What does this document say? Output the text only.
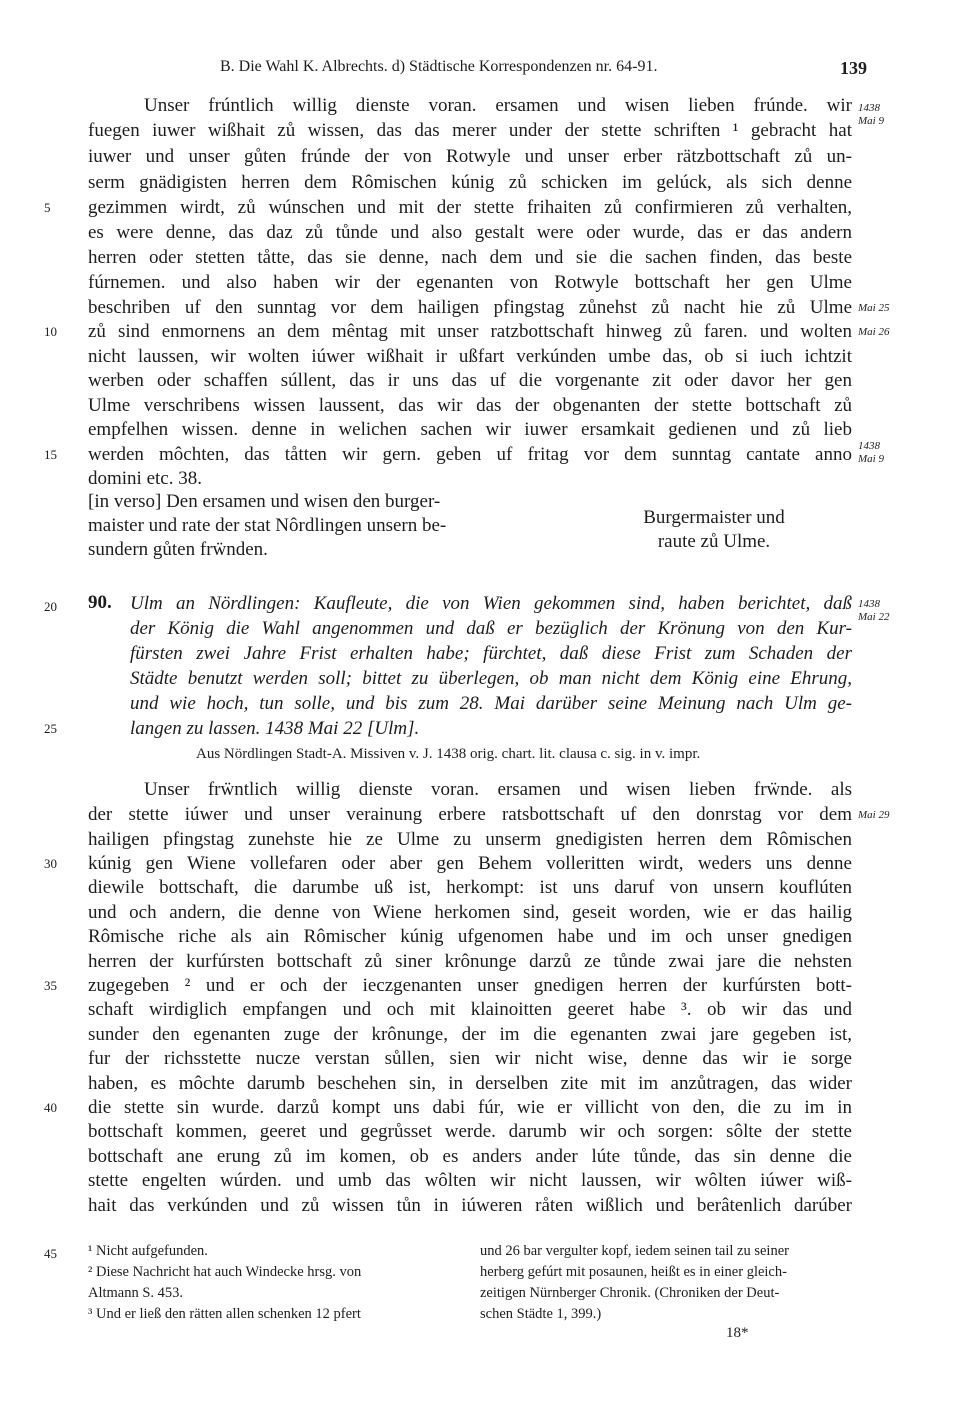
B. Die Wahl K. Albrechts. d) Städtische Korrespondenzen nr. 64-91.	139
Unser frúntlich willig dienste voran. ersamen und wisen lieben frúnde. wir
fuegen iuwer wißhait zů wissen, das das merer under der stette schriften ¹ gebracht hat
iuwer und unser gůten frúnde der von Rotwyle und unser erber rätzbottschaft zů un-
serm gnädigisten herren dem Rômischen kúnig zů schicken im gelúck, als sich denne
gezimmen wirdt, zů wúnschen und mit der stette frihaiten zů confirmieren zů verhalten,
es were denne, das daz zů tůnde und also gestalt were oder wurde, das er das andern
herren oder stetten tåtte, das sie denne, nach dem und sie die sachen finden, das beste
fúrnemen. und also haben wir der egenanten von Rotwyle bottschaft her gen Ulme
beschriben uf den sunntag vor dem hailigen pfingstag zůnehst zů nacht hie zů Ulme
zů sind enmornens an dem mêntag mit unser ratzbottschaft hinweg zů faren. und wolten
nicht laussen, wir wolten iúwer wißhait ir ußfart verkúnden umbe das, ob si iuch ichtzit
werben oder schaffen súllent, das ir uns das uf die vorgenante zit oder davor her gen
Ulme verschribens wissen laussent, das wir das der obgenanten der stette bottschaft zů
empfelhen wissen. denne in welichen sachen wir iuwer ersamkait gedienen und zů lieb
werden môchten, das tåtten wir gern. geben uf fritag vor dem sunntag cantate anno
domini etc. 38.
[in verso] Den ersamen und wisen den burger-
maister und rate der stat Nôrdlingen unsern be-
sundern gůten frẅnden.
Burgermaister und
raute zů Ulme.
90. Ulm an Nördlingen: Kaufleute, die von Wien gekommen sind, haben berichtet, daß
der König die Wahl angenommen und daß er bezüglich der Krönung von den Kur-
fürsten zwei Jahre Frist erhalten habe; fürchtet, daß diese Frist zum Schaden der
Städte benutzt werden soll; bittet zu überlegen, ob man nicht dem König eine Ehrung,
und wie hoch, tun solle, und bis zum 28. Mai darüber seine Meinung nach Ulm ge-
langen zu lassen. 1438 Mai 22 [Ulm].
Aus Nördlingen Stadt-A. Missiven v. J. 1438 orig. chart. lit. clausa c. sig. in v. impr.
Unser frẅntlich willig dienste voran. ersamen und wisen lieben frẅnde. als
der stette iúwer und unser verainung erbere ratsbottschaft uf den donrstag vor dem
hailigen pfingstag zunehste hie ze Ulme zu unserm gnedigisten herren dem Rômischen
kúnig gen Wiene vollefaren oder aber gen Behem volleritten wirdt, weders uns denne
diewile bottschaft, die darumbe uß ist, herkompt: ist uns daruf von unsern kouflúten
und och andern, die denne von Wiene herkomen sind, geseit worden, wie er das hailig
Rômische riche als ain Rômischer kúnig ufgenomen habe und im och unser gnedigen
herren der kurfúrsten bottschaft zů siner krônunge darzů ze tůnde zwai jare die nehsten
zugegeben ² und er och der ieczgenanten unser gnedigen herren der kurfúrsten bott-
schaft wirdiglich empfangen und och mit klainoitten geeret habe ³. ob wir das und
sunder den egenanten zuge der krônunge, der im die egenanten zwai jare gegeben ist,
fur der richsstette nucze verstan sůllen, sien wir nicht wise, denne das wir ie sorge
haben, es môchte darumb beschehen sin, in derselben zite mit im anzůtragen, das wider
die stette sin wurde. darzů kompt uns dabi fúr, wie er villicht von den, die zu im in
bottschaft kommen, geeret und gegrůsset werde. darumb wir och sorgen: sôlte der stette
bottschaft ane erung zů im komen, ob es anders ander lúte tůnde, das sin denne die
stette engelten wúrden. und umb das wôlten wir nicht laussen, wir wôlten iúwer wiß-
hait das verkúnden und zů wissen tůn in iúweren råten wißlich und berâtenlich darúber
5
10
15
20
25
30
35
40
45
1438
Mai 9
Mai 25
Mai 26
1438
Mai 9
1438
Mai 22
Mai 29
¹ Nicht aufgefunden.
² Diese Nachricht hat auch Windecke hrsg. von
Altmann S. 453.
³ Und er ließ den rätten allen schenken 12 pfert
und 26 bar vergulter kopf, iedem seinen tail zu seiner
herberg gefúrt mit posaunen, heißt es in einer gleich-
zeitigen Nürnberger Chronik. (Chroniken der Deut-
schen Städte 1, 399.)
18*
